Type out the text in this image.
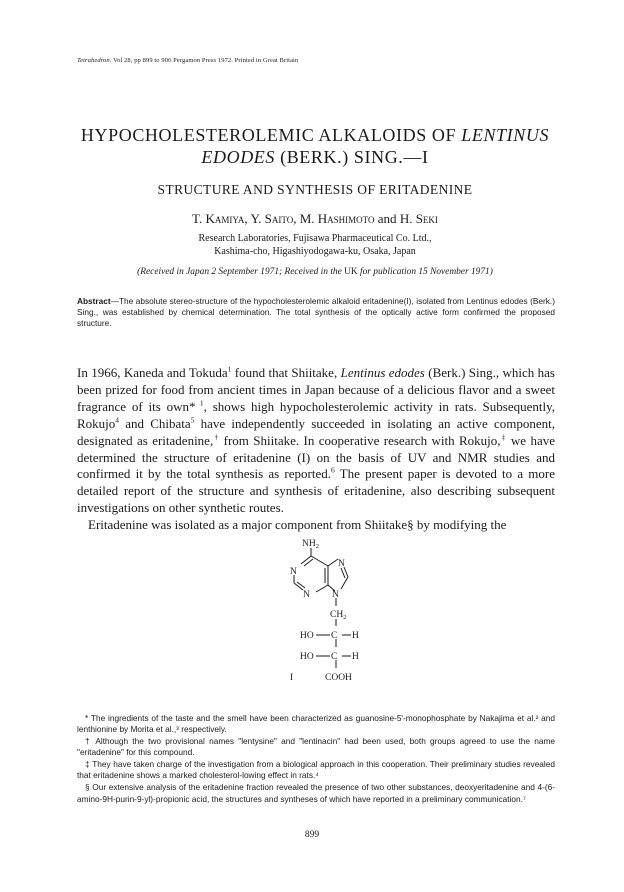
Tetrahedron. Vol 28, pp 899 to 906 Pergamon Press 1972. Printed in Great Britain
HYPOCHOLESTEROLEMIC ALKALOIDS OF LENTINUS
EDODES (BERK.) SING.—I
STRUCTURE AND SYNTHESIS OF ERITADENINE
T. Kamiya, Y. Saito, M. Hashimoto and H. Seki
Research Laboratories, Fujisawa Pharmaceutical Co. Ltd.,
Kashima-cho, Higashiyodogawa-ku, Osaka, Japan
(Received in Japan 2 September 1971; Received in the UK for publication 15 November 1971)
Abstract—The absolute stereo-structure of the hypocholesterolemic alkaloid eritadenine(I), isolated from Lentinus edodes (Berk.) Sing., was established by chemical determination. The total synthesis of the optically active form confirmed the proposed structure.

In 1966, Kaneda and Tokuda$^1$ found that Shiitake, Lentinus edodes (Berk.) Sing., which has been prized for food from ancient times in Japan because of a delicious flavor and a sweet fragrance of its own* $^1$, shows high hypocholesterolemic activity in rats. Subsequently, Rokujo$^4$ and Chibata$^5$ have independently succeeded in isolating an active component, designated as eritadenine,† from Shiitake. In cooperative research with Rokujo,‡ we have determined the structure of eritadenine (I) on the basis of UV and NMR studies and confirmed it by the total synthesis as reported.$^6$ The present paper is devoted to a more detailed report of the structure and synthesis of eritadenine, also describing subsequent investigations on other synthetic routes.

Eritadenine was isolated as a major component from Shiitake§ by modifying the

$NH_2$
N
N
N
N
$CH_2$
HO C H
HO C H
COOH
I

* The ingredients of the taste and the smell have been characterized as guanosine-5'-monophosphate by Nakajima et al.² and lenthionine by Morita et al.,³ respectively.

† Although the two provisional names "lentysine" and "lentinacin" had been used, both groups agreed to use the name "eritadenine" for this compound.

‡ They have taken charge of the investigation from a biological approach in this cooperation. Their preliminary studies revealed that eritadenine shows a marked cholesterol-lowing effect in rats.⁴

§ Our extensive analysis of the eritadenine fraction revealed the presence of two other substances, deoxyeritadenine and 4-(6-amino-9H-purin-9-yl)-propionic acid, the structures and syntheses of which have reported in a preliminary communication.⁷

899
